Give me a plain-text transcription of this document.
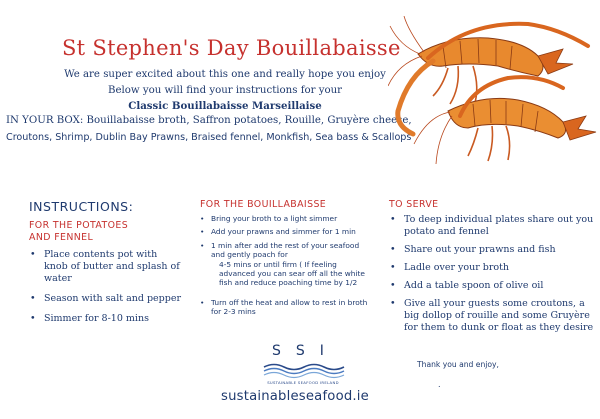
St Stephen's Day Bouillabaisse
We are super excited about this one and really hope you enjoy
Below you will find your instructions for your
Classic Bouillabaisse Marseillaise
IN YOUR BOX: Bouillabaisse broth, Saffron potatoes, Rouille, Gruyère cheese,
Croutons, Shrimp, Dublin Bay Prawns, Braised fennel, Monkfish, Sea bass & Scallops
INSTRUCTIONS:
FOR THE POTATOES
AND FENNEL
• Place contents pot with knob of butter and splash of water
• Season with salt and pepper
• Simmer for 8-10 mins
FOR THE BOUILLABAISSE
• Bring your broth to a light simmer
• Add your prawns and simmer for 1 min
• 1 min after add the rest of your seafood and gently poach for
4-5 mins or until firm ( If feeling advanced you can sear off all the white fish and reduce poaching time by 1/2
• Turn off the heat and allow to rest in broth for 2-3 mins
TO SERVE
• To deep individual plates share out you potato and fennel
• Share out your prawns and fish
• Ladle over your broth
• Add a table spoon of olive oil
• Give all your guests some croutons, a big dollop of rouille and some Gruyère for them to dunk or float as they desire
Thank you and enjoy,
.
SSI
SUSTAINABLE SEAFOOD IRELAND
sustainableseafood.ie
